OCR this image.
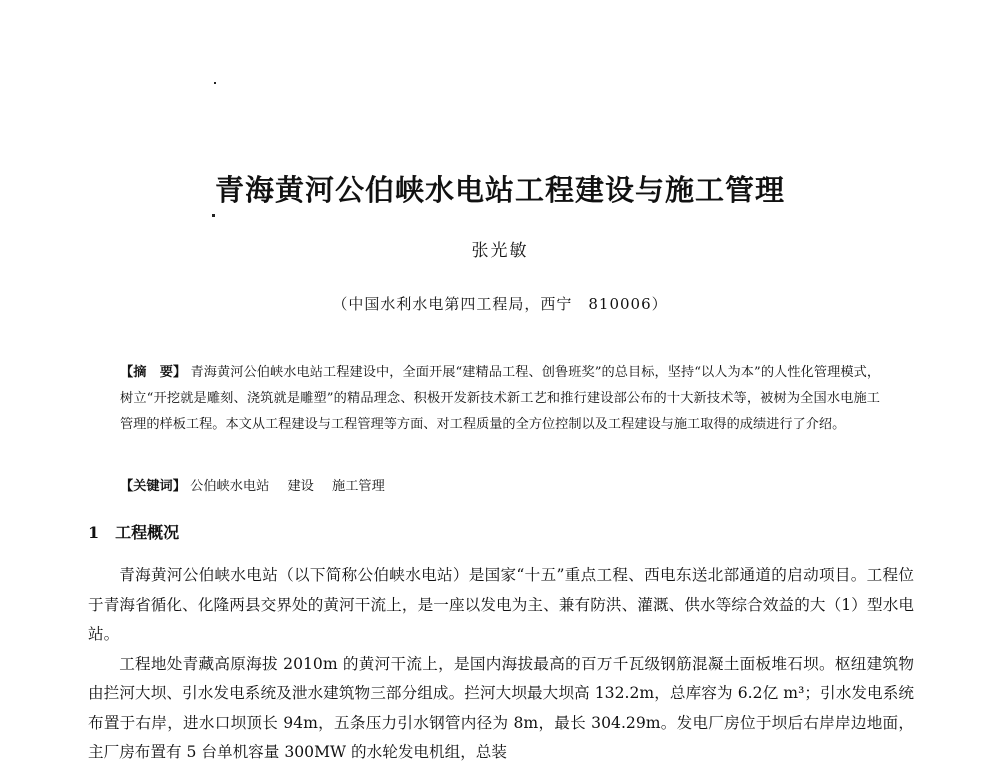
青海黄河公伯峡水电站工程建设与施工管理
张光敏
（中国水利水电第四工程局，西宁　810006）
【摘　要】 青海黄河公伯峡水电站工程建设中，全面开展“建精品工程、创鲁班奖”的总目标，坚持“以人为本”的人性化管理模式，树立“开挖就是雕刻、浇筑就是雕塑”的精品理念、积极开发新技术新工艺和推行建设部公布的十大新技术等，被树为全国水电施工管理的样板工程。本文从工程建设与工程管理等方面、对工程质量的全方位控制以及工程建设与施工取得的成绩进行了介绍。
【关键词】 公伯峡水电站 建设 施工管理
1 工程概况

青海黄河公伯峡水电站（以下简称公伯峡水电站）是国家“十五”重点工程、西电东送北部通道的启动项目。工程位于青海省循化、化隆两县交界处的黄河干流上，是一座以发电为主、兼有防洪、灌溉、供水等综合效益的大（1）型水电站。

工程地处青藏高原海拔 2010m 的黄河干流上，是国内海拔最高的百万千瓦级钢筋混凝土面板堆石坝。枢纽建筑物由拦河大坝、引水发电系统及泄水建筑物三部分组成。拦河大坝最大坝高 132.2m，总库容为 6.2亿 m³；引水发电系统布置于右岸，进水口坝顶长 94m，五条压力引水钢管内径为 8m，最长 304.29m。发电厂房位于坝后右岸岸边地面，主厂房布置有 5 台单机容量 300MW 的水轮发电机组，总装
